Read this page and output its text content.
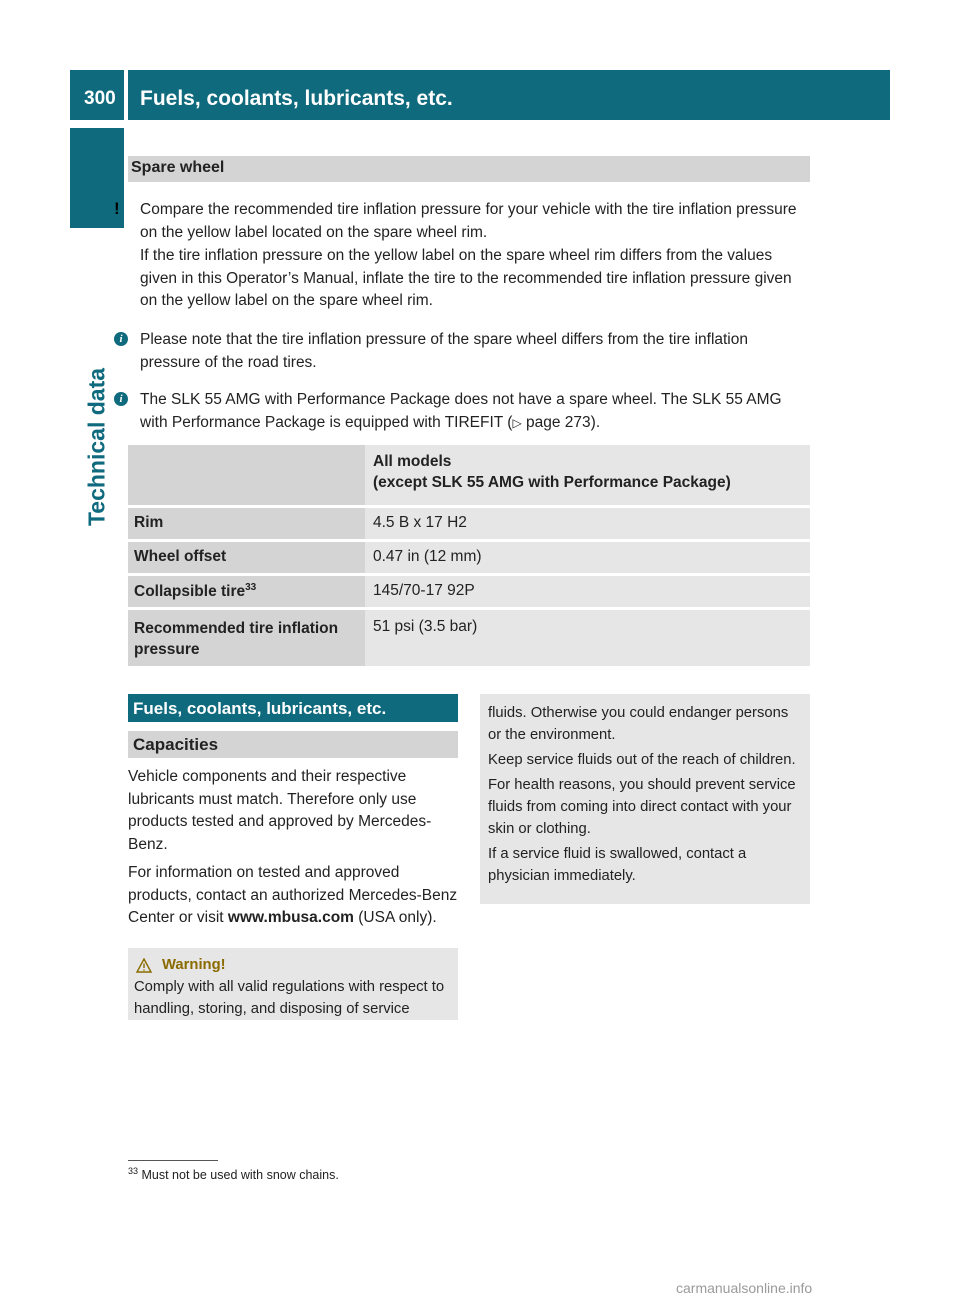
300	Fuels, coolants, lubricants, etc.
Technical data
Spare wheel
!	Compare the recommended tire inflation pressure for your vehicle with the tire inflation pressure on the yellow label located on the spare wheel rim.

If the tire inflation pressure on the yellow label on the spare wheel rim differs from the values given in this Operator’s Manual, inflate the tire to the recommended tire inflation pressure given on the yellow label on the spare wheel rim.

i	Please note that the tire inflation pressure of the spare wheel differs from the tire inflation pressure of the road tires.

i	The SLK 55 AMG with Performance Package does not have a spare wheel. The SLK 55 AMG with Performance Package is equipped with TIREFIT (▷ page 273).

	All models
(except SLK 55 AMG with Performance Package)

Rim	4.5 B x 17 H2
Wheel offset	0.47 in (12 mm)
Collapsible tire$^{33}$	145/70-17 92P
Recommended tire inflation pressure	51 psi (3.5 bar)
Fuels, coolants, lubricants, etc.
Capacities

Vehicle components and their respective lubricants must match. Therefore only use products tested and approved by Mercedes-Benz.

For information on tested and approved products, contact an authorized Mercedes-Benz Center or visit www.mbusa.com (USA only).

Warning!
Comply with all valid regulations with respect to handling, storing, and disposing of service

fluids. Otherwise you could endanger persons or the environment.

Keep service fluids out of the reach of children.

For health reasons, you should prevent service fluids from coming into direct contact with your skin or clothing.

If a service fluid is swallowed, contact a physician immediately.

$^{33}$ Must not be used with snow chains.
carmanualsonline.info
